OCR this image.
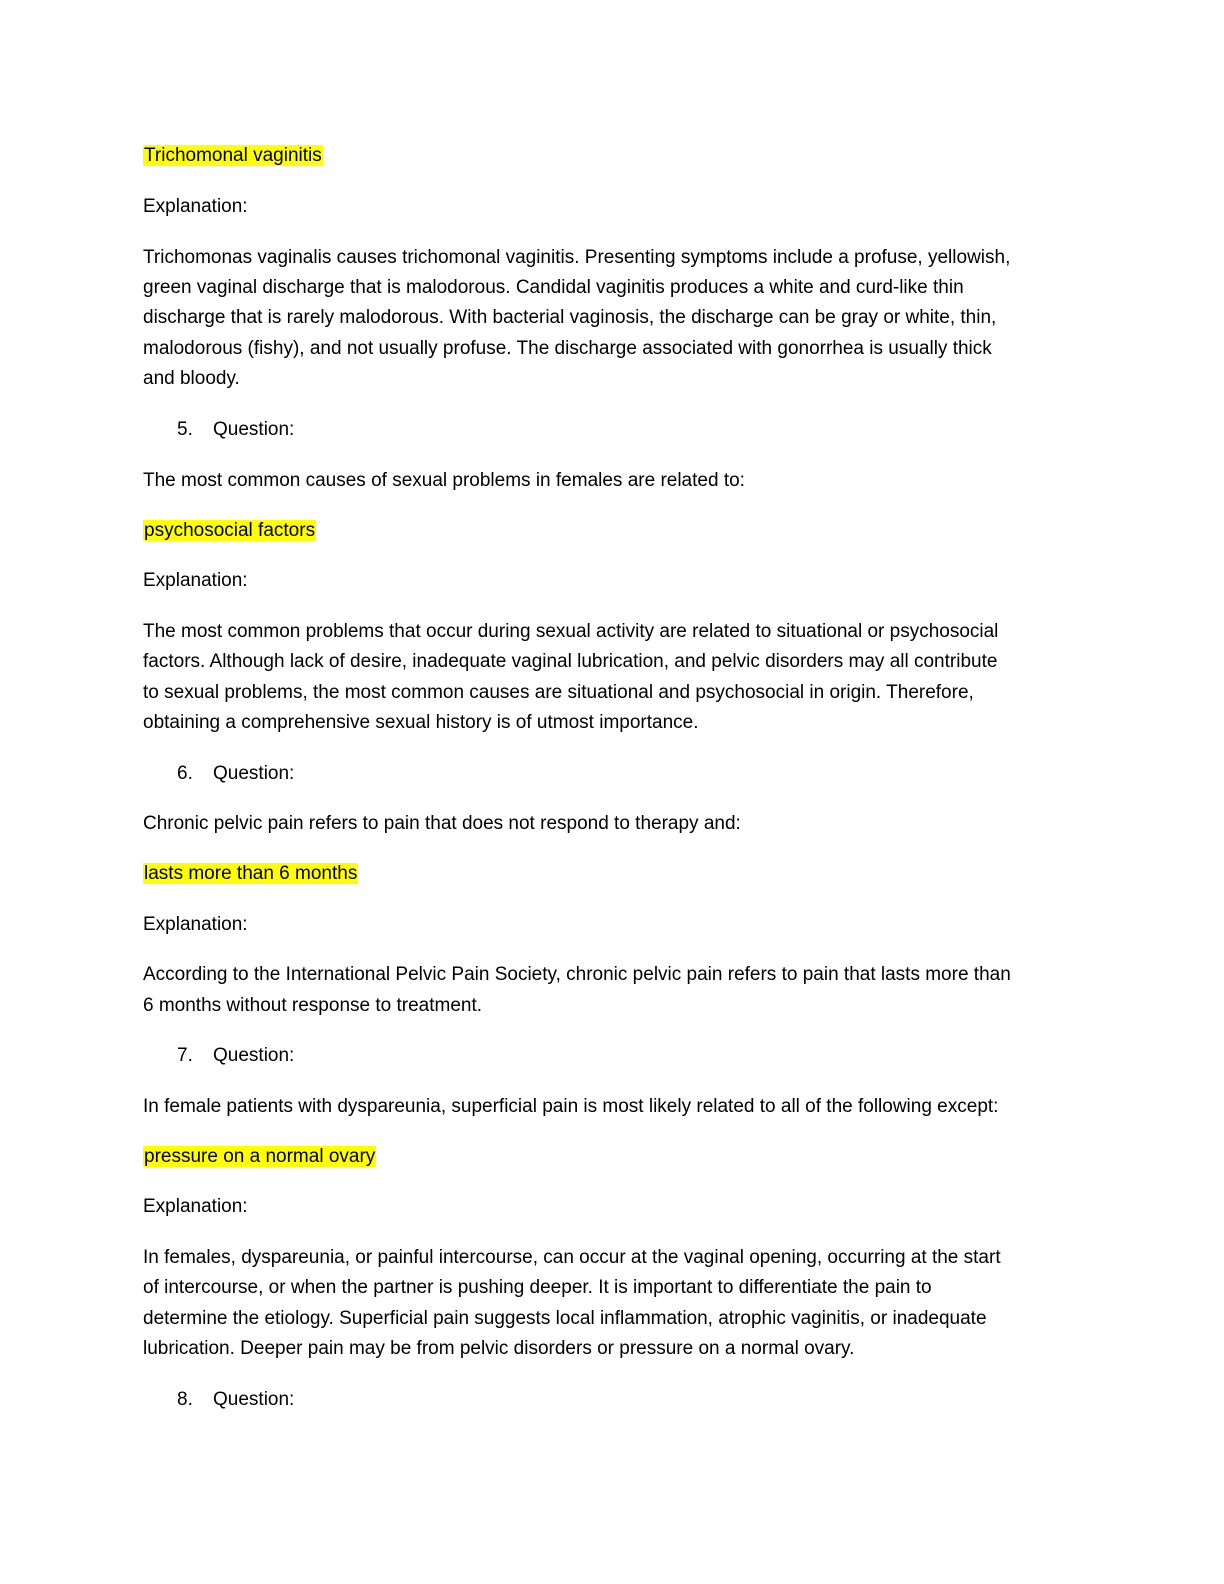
Trichomonal vaginitis
Explanation:
Trichomonas vaginalis causes trichomonal vaginitis. Presenting symptoms include a profuse, yellowish,
green vaginal discharge that is malodorous. Candidal vaginitis produces a white and curd-like thin
discharge that is rarely malodorous. With bacterial vaginosis, the discharge can be gray or white, thin,
malodorous (fishy), and not usually profuse. The discharge associated with gonorrhea is usually thick
and bloody.
5. Question:
The most common causes of sexual problems in females are related to:
psychosocial factors
Explanation:
The most common problems that occur during sexual activity are related to situational or psychosocial
factors. Although lack of desire, inadequate vaginal lubrication, and pelvic disorders may all contribute
to sexual problems, the most common causes are situational and psychosocial in origin. Therefore,
obtaining a comprehensive sexual history is of utmost importance.
6. Question:
Chronic pelvic pain refers to pain that does not respond to therapy and:
lasts more than 6 months
Explanation:
According to the International Pelvic Pain Society, chronic pelvic pain refers to pain that lasts more than
6 months without response to treatment.
7. Question:
In female patients with dyspareunia, superficial pain is most likely related to all of the following except:
pressure on a normal ovary
Explanation:
In females, dyspareunia, or painful intercourse, can occur at the vaginal opening, occurring at the start
of intercourse, or when the partner is pushing deeper. It is important to differentiate the pain to
determine the etiology. Superficial pain suggests local inflammation, atrophic vaginitis, or inadequate
lubrication. Deeper pain may be from pelvic disorders or pressure on a normal ovary.
8. Question:
